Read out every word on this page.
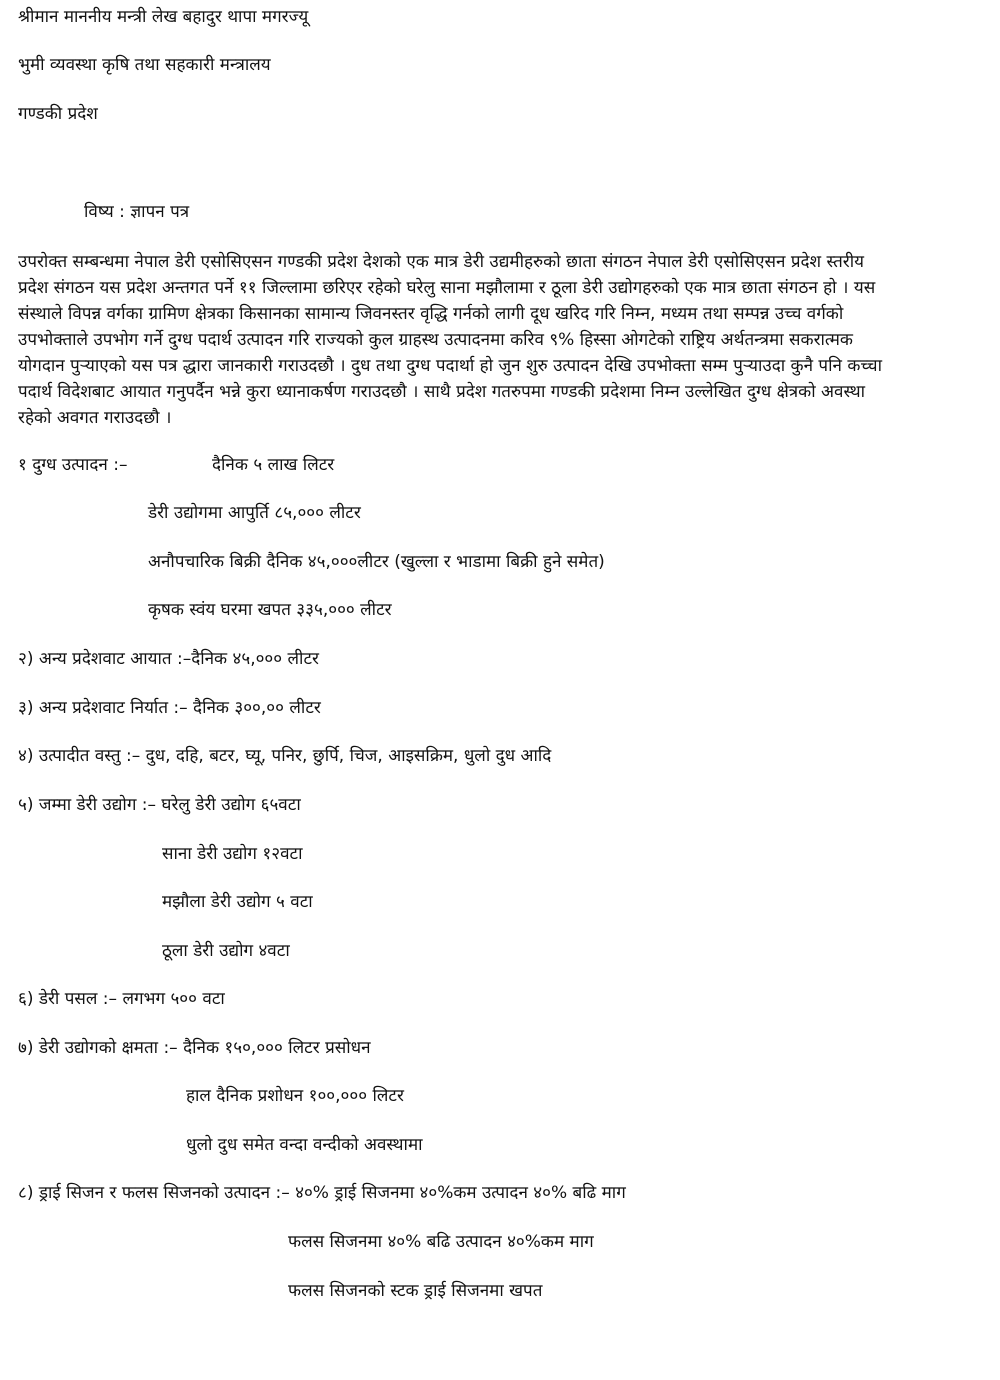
श्रीमान माननीय मन्त्री लेख बहादुर थापा मगरज्यू
भुमी व्यवस्था कृषि तथा सहकारी मन्त्रालय
गण्डकी प्रदेश
विष्य : ज्ञापन पत्र
उपरोक्त सम्बन्धमा नेपाल डेरी एसोसिएसन गण्डकी प्रदेश देशको एक मात्र डेरी उद्यमीहरुको छाता संगठन नेपाल डेरी एसोसिएसन प्रदेश स्तरीय
प्रदेश संगठन यस प्रदेश अन्तगत पर्ने ११ जिल्लामा छरिएर रहेको घरेलु साना मझौलामा र ठूला डेरी उद्योगहरुको एक मात्र छाता संगठन हो । यस
संस्थाले विपन्न वर्गका ग्रामिण क्षेत्रका किसानका सामान्य जिवनस्तर वृद्धि गर्नको लागी दूध खरिद गरि निम्न, मध्यम तथा सम्पन्न उच्च वर्गको
उपभोक्ताले उपभोग गर्ने दुग्ध पदार्थ उत्पादन गरि राज्यको कुल ग्राहस्थ उत्पादनमा करिव ९% हिस्सा ओगटेको राष्ट्रिय अर्थतन्त्रमा सकरात्मक
योगदान पुर्‍याएको यस पत्र द्धारा जानकारी गराउदछौ । दुध तथा दुग्ध पदार्था हो जुन शुरु उत्पादन देखि उपभोक्ता सम्म पुर्‍याउदा कुनै पनि कच्चा
पदार्थ विदेशबाट आयात गनुपर्दैन भन्ने कुरा ध्यानाकर्षण गराउदछौ । साथै प्रदेश गतरुपमा गण्डकी प्रदेशमा निम्न उल्लेखित दुग्ध क्षेत्रको अवस्था
रहेको अवगत गराउदछौ ।
१ दुग्ध उत्पादन :–	दैनिक ५ लाख लिटर
डेरी उद्योगमा आपुर्ति ८५,००० लीटर
अनौपचारिक बिक्री दैनिक ४५,०००लीटर (खुल्ला र भाडामा बिक्री हुने समेत)
कृषक स्वंय घरमा खपत ३३५,००० लीटर
२) अन्य प्रदेशवाट आयात :–दैनिक ४५,००० लीटर
३) अन्य प्रदेशवाट निर्यात :– दैनिक ३००,०० लीटर
४) उत्पादीत वस्तु :– दुध, दहि, बटर, घ्यू, पनिर, छुर्पि, चिज, आइसक्रिम, धुलो दुध आदि
५) जम्मा डेरी उद्योग :– घरेलु डेरी उद्योग ६५वटा
साना डेरी उद्योग १२वटा
मझौला डेरी उद्योग ५ वटा
ठूला डेरी उद्योग ४वटा
६) डेरी पसल :– लगभग ५०० वटा
७) डेरी उद्योगको क्षमता :– दैनिक १५०,००० लिटर प्रसोधन
हाल दैनिक प्रशोधन १००,००० लिटर
धुलो दुध समेत वन्दा वन्दीको अवस्थामा
८) ड्राई सिजन र फलस सिजनको उत्पादन :– ४०% ड्राई सिजनमा ४०%कम उत्पादन ४०% बढि माग
फलस सिजनमा ४०% बढि उत्पादन ४०%कम माग
फलस सिजनको स्टक ड्राई सिजनमा खपत
